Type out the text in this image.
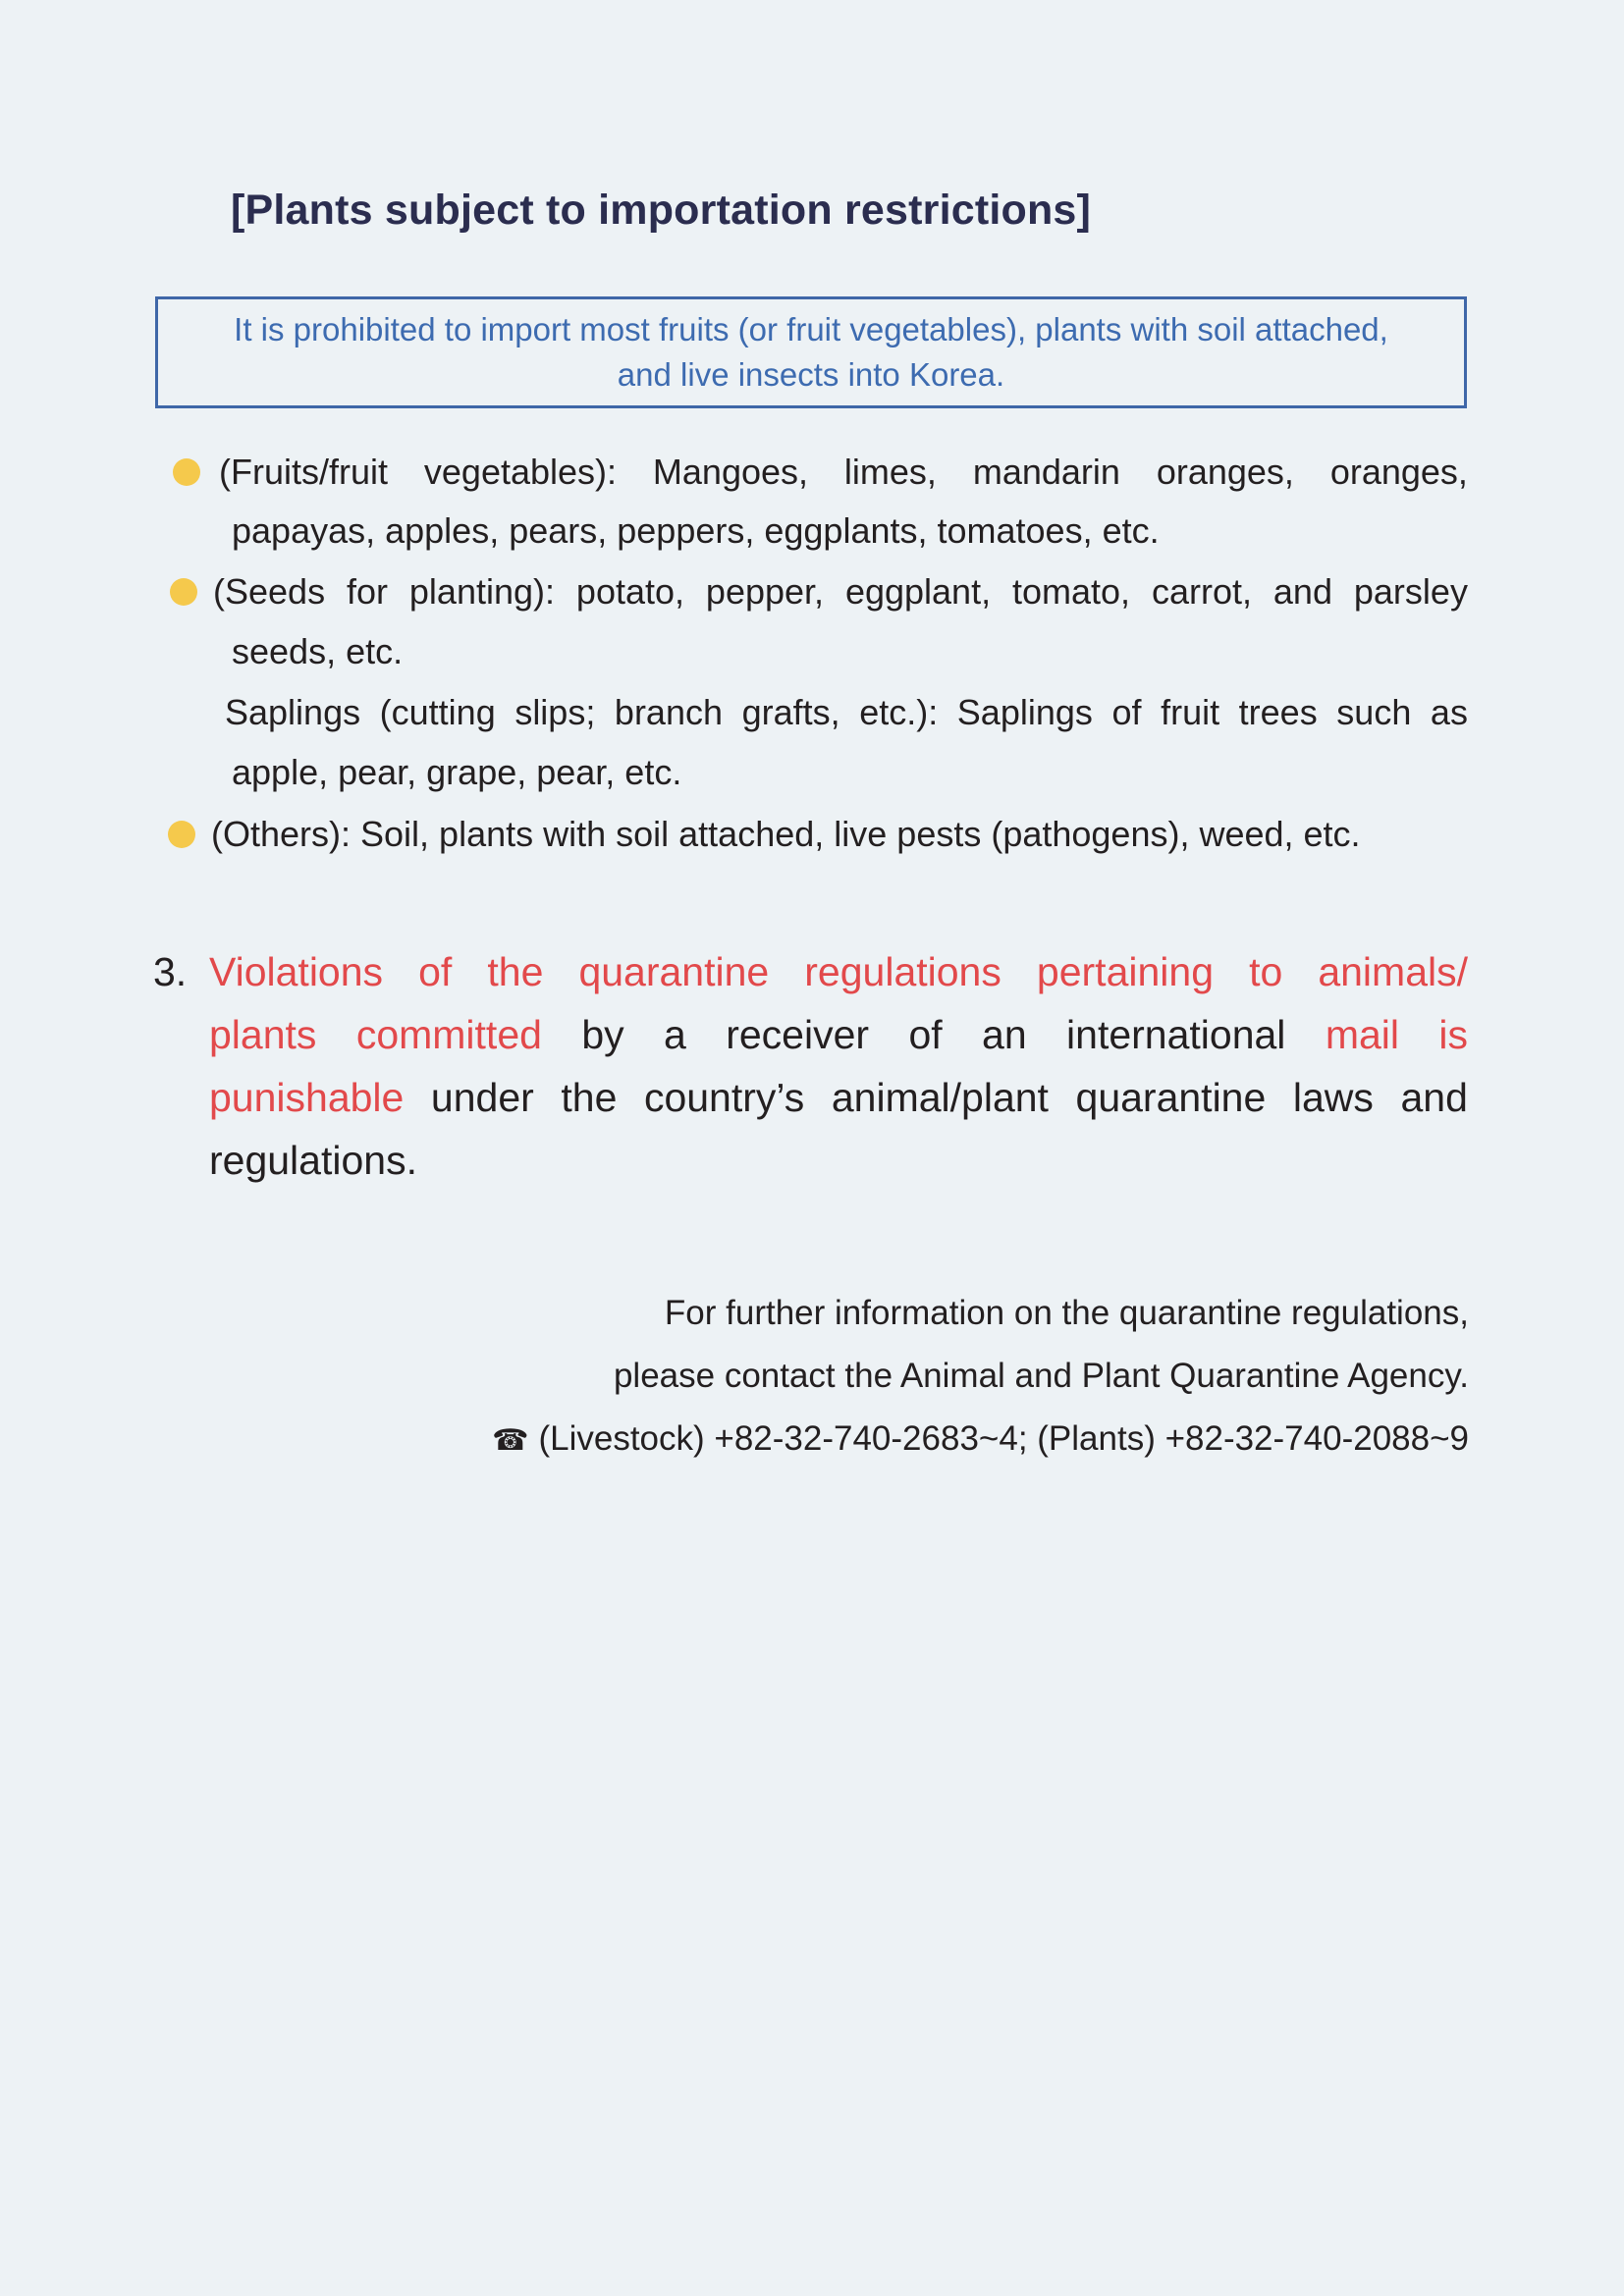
[Plants subject to importation restrictions]
It is prohibited to import most fruits (or fruit vegetables), plants with soil attached,
and live insects into Korea.
(Fruits/fruit vegetables): Mangoes, limes, mandarin oranges, oranges,
papayas, apples, pears, peppers, eggplants, tomatoes, etc.
(Seeds for planting): potato, pepper, eggplant, tomato, carrot, and parsley
seeds, etc.
Saplings (cutting slips; branch grafts, etc.): Saplings of fruit trees such as
apple, pear, grape, pear, etc.
(Others): Soil, plants with soil attached, live pests (pathogens), weed, etc.
3. Violations of the quarantine regulations pertaining to animals/
plants committed by a receiver of an international mail is
punishable under the country’s animal/plant quarantine laws and
regulations.
For further information on the quarantine regulations,
please contact the Animal and Plant Quarantine Agency.
☎ (Livestock) +82-32-740-2683~4; (Plants) +82-32-740-2088~9
